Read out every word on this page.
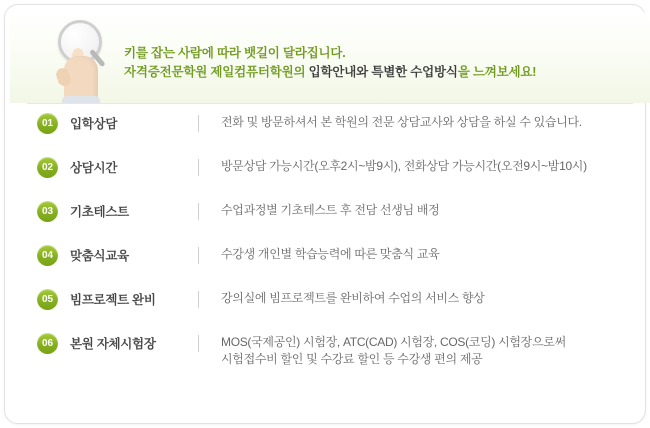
키를 잡는 사람에 따라 뱃길이 달라집니다.
자격증전문학원 제일컴퓨터학원의 입학안내와 특별한 수업방식을 느껴보세요!
01	입학상담	전화 및 방문하셔서 본 학원의 전문 상담교사와 상담을 하실 수 있습니다.
02	상담시간	방문상담 가능시간(오후2시~밤9시), 전화상담 가능시간(오전9시~밤10시)
03	기초테스트	수업과정별 기초테스트 후 전담 선생님 배정
04	맞춤식교육	수강생 개인별 학습능력에 따른 맞춤식 교육
05	빔프로젝트 완비	강의실에 빔프로젝트를 완비하여 수업의 서비스 향상
06	본원 자체시험장	MOS(국제공인) 시험장, ATC(CAD) 시험장, COS(코딩) 시험장으로써
시험접수비 할인 및 수강료 할인 등 수강생 편의 제공
